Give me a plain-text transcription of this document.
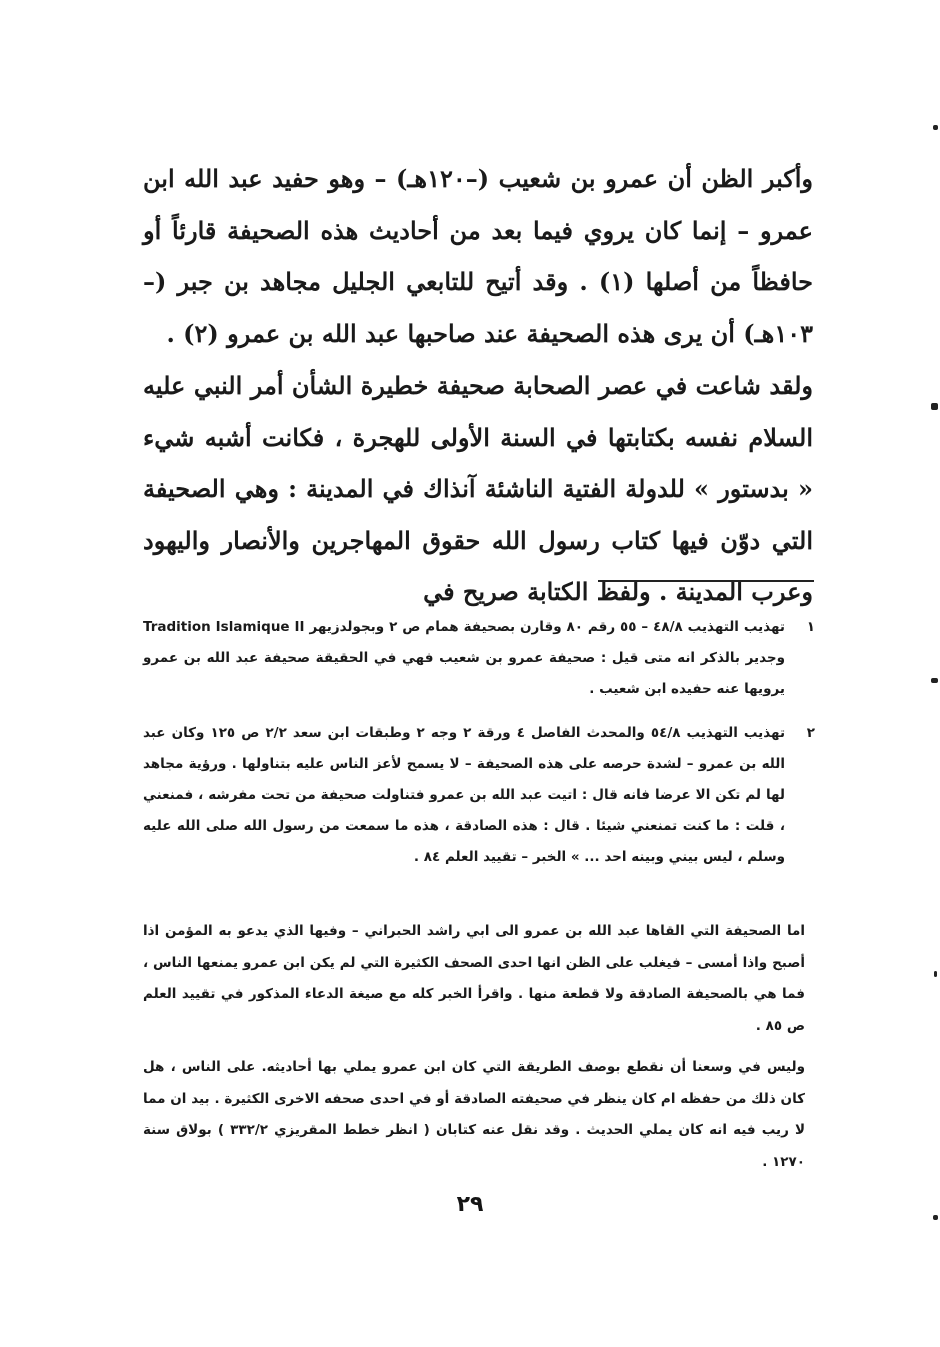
وأكبر الظن أن عمرو بن شعيب (–١٢٠هـ) – وهو حفيد عبد الله ابن عمرو – إنما كان يروي فيما بعد من أحاديث هذه الصحيفة قارئاً أو حافظاً من أصلها (١) . وقد أتيح للتابعي الجليل مجاهد بن جبر (–١٠٣هـ) أن يرى هذه الصحيفة عند صاحبها عبد الله بن عمرو (٢) .
ولقد شاعت في عصر الصحابة صحيفة خطيرة الشأن أمر النبي عليه السلام نفسه بكتابتها في السنة الأولى للهجرة ، فكانت أشبه شيء « بدستور » للدولة الفتية الناشئة آنذاك في المدينة : وهي الصحيفة التي دوّن فيها كتاب رسول الله حقوق المهاجرين والأنصار واليهود وعرب المدينة . ولفظ الكتابة صريح في
١
تهذيب التهذيب ٤٨/٨ – ٥٥ رقم ٨٠ وقارن بصحيفة همام ص ٢ وبجولدزيهر Tradition Islamique II وجدير بالذكر انه متى قيل : صحيفة عمرو بن شعيب فهي في الحقيقة صحيفة عبد الله بن عمرو يرويها عنه حفيده ابن شعيب .
٢
تهذيب التهذيب ٥٤/٨ والمحدث الفاصل ٤ ورقة ٢ وجه ٢ وطبقات ابن سعد ٢/٢ ص ١٢٥ وكان عبد الله بن عمرو – لشدة حرصه على هذه الصحيفة – لا يسمح لأعز الناس عليه بتناولها . ورؤية مجاهد لها لم تكن الا عرضا فانه قال : اتيت عبد الله بن عمرو فتناولت صحيفة من تحت مفرشه ، فمنعني ، قلت : ما كنت تمنعني شيئا . قال : هذه الصادقة ، هذه ما سمعت من رسول الله صلى الله عليه وسلم ، ليس بيني وبينه احد ... » الخبر – تقييد العلم ٨٤ .
اما الصحيفة التي القاها عبد الله بن عمرو الى ابي راشد الحبراني – وفيها الذي يدعو به المؤمن اذا أصبح واذا أمسى – فيغلب على الظن انها احدى الصحف الكثيرة التي لم يكن ابن عمرو يمنعها الناس ، فما هي بالصحيفة الصادقة ولا قطعة منها . واقرأ الخبر كله مع صيغة الدعاء المذكور في تقييد العلم ص ٨٥ .
وليس في وسعنا أن نقطع بوصف الطريقة التي كان ابن عمرو يملي بها أحاديثه. على الناس ، هل كان ذلك من حفظه ام كان ينظر في صحيفته الصادقة أو في احدى صحفه الاخرى الكثيرة . بيد ان مما لا ريب فيه انه كان يملي الحديث . وقد نقل عنه كتابان ( انظر خطط المقريزي ٣٣٢/٢ ) بولاق سنة ١٢٧٠ .
٢٩
